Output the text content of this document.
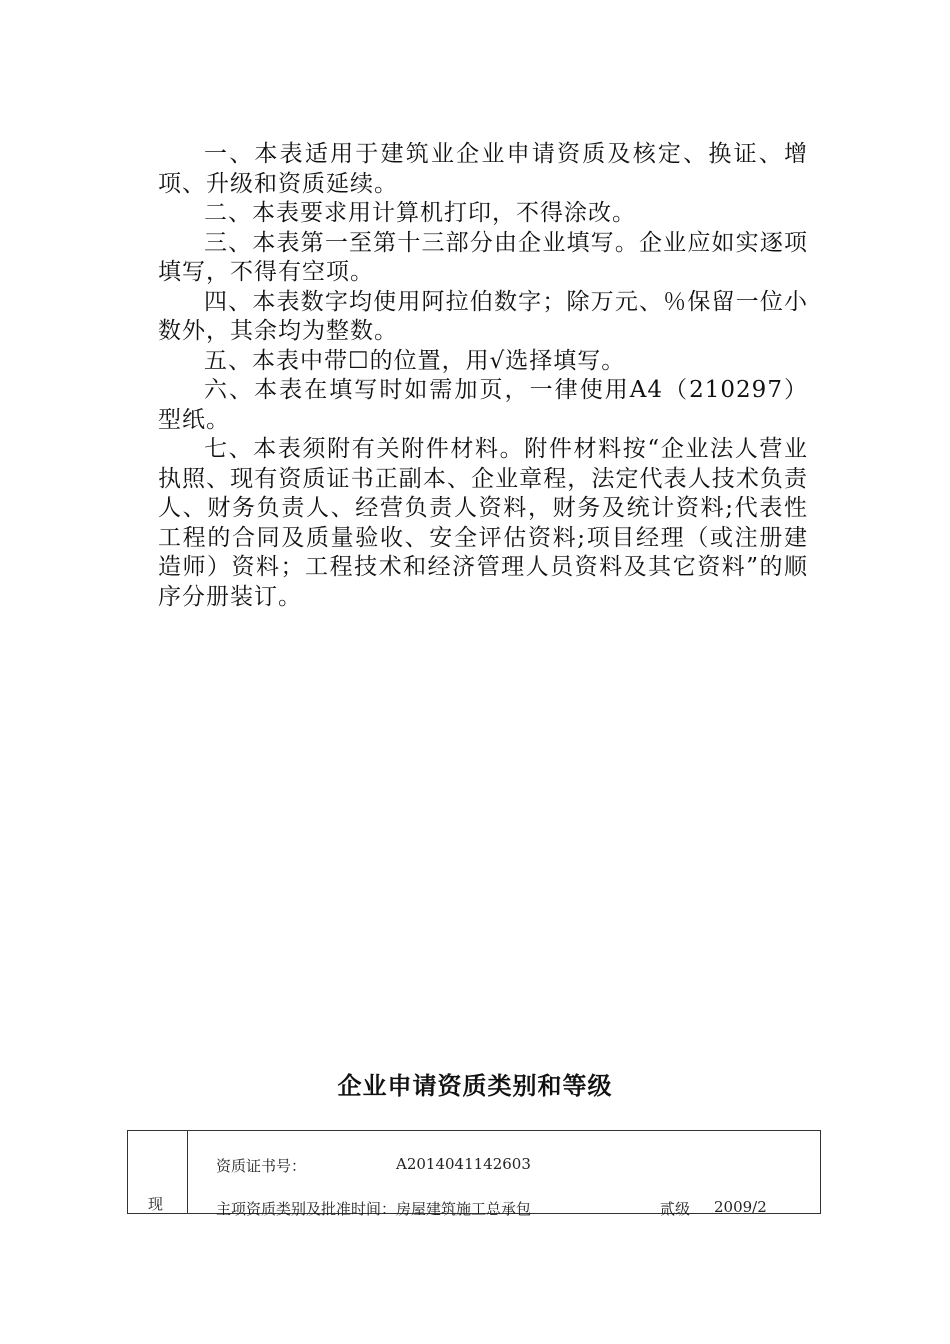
一、本表适用于建筑业企业申请资质及核定、换证、增项、升级和资质延续。

二、本表要求用计算机打印，不得涂改。

三、本表第一至第十三部分由企业填写。企业应如实逐项填写，不得有空项。

四、本表数字均使用阿拉伯数字；除万元、％保留一位小数外，其余均为整数。

五、本表中带☐的位置，用√选择填写。

六、本表在填写时如需加页，一律使用A4（210297）型纸。

七、本表须附有关附件材料。附件材料按“企业法人营业执照、现有资质证书正副本、企业章程，法定代表人技术负责人、财务负责人、经营负责人资料，财务及统计资料;代表性工程的合同及质量验收、安全评估资料;项目经理（或注册建造师）资料；工程技术和经济管理人员资料及其它资料”的顺序分册装订。

企业申请资质类别和等级
现
资质证书号：	A2014041142603
主项资质类别及批准时间： 房屋建筑施工总承包	贰级 2009/2
